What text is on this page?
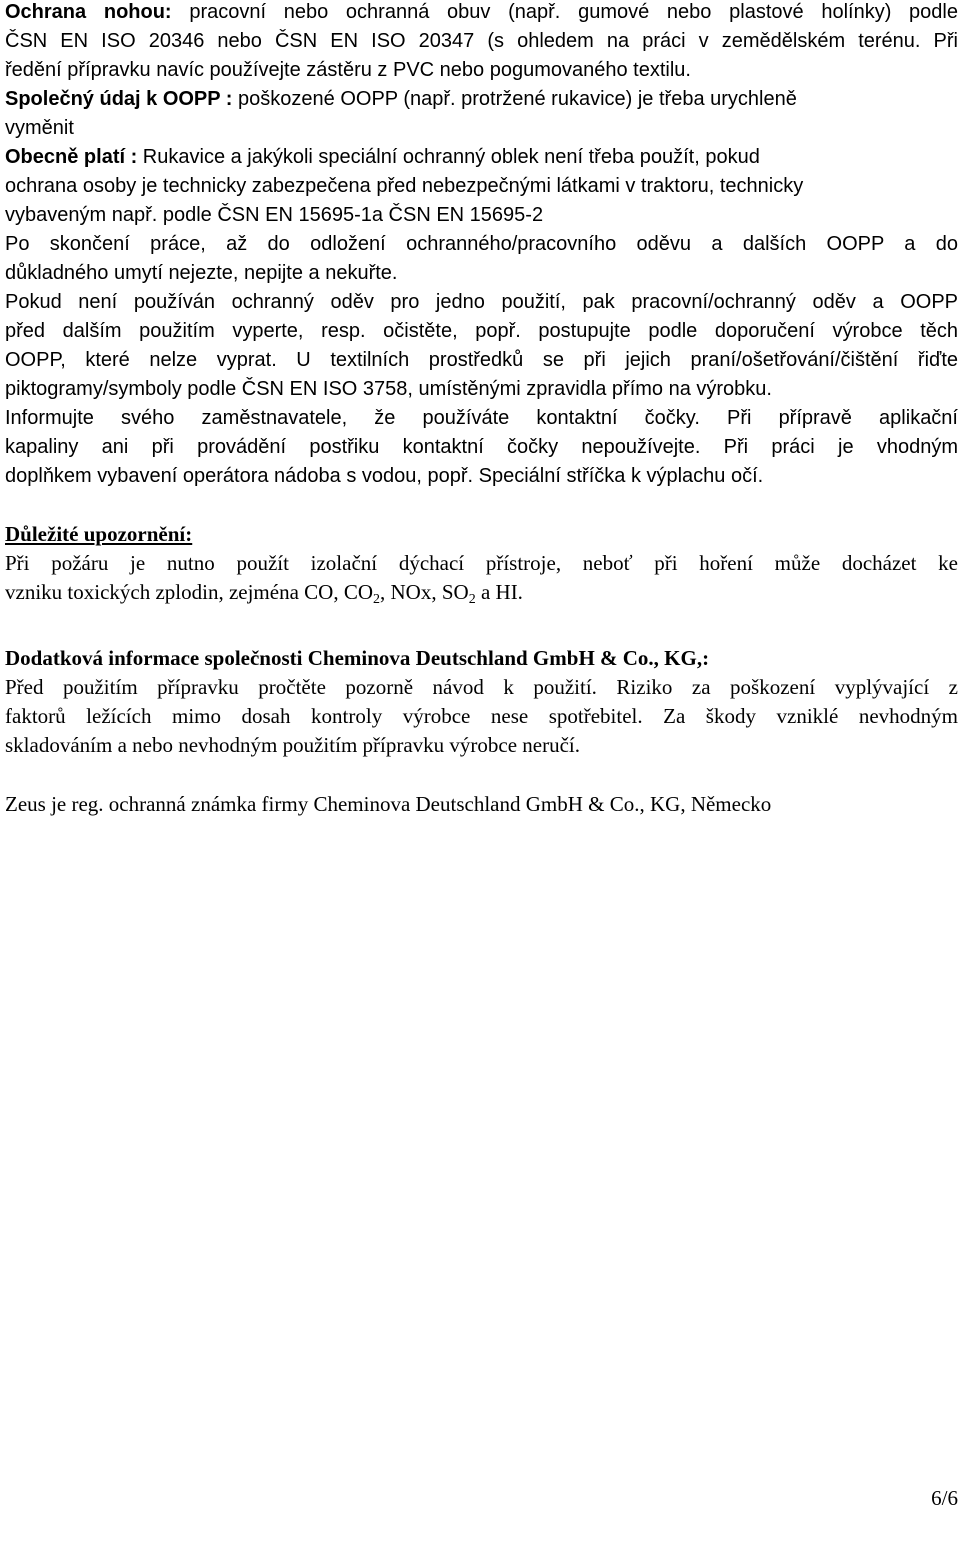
Ochrana nohou: pracovní nebo ochranná obuv (např. gumové nebo plastové holínky) podle
ČSN EN ISO 20346 nebo ČSN EN ISO 20347 (s ohledem na práci v zemědělském terénu. Při
ředění přípravku navíc používejte zástěru z PVC nebo pogumovaného textilu.
Společný údaj k OOPP : poškozené OOPP (např. protržené rukavice) je třeba urychleně
vyměnit
Obecně platí : Rukavice a jakýkoli speciální ochranný oblek není třeba použít, pokud
ochrana osoby je technicky zabezpečena před nebezpečnými látkami v traktoru, technicky
vybaveným např. podle ČSN EN 15695-1a ČSN EN 15695-2
Po skončení práce, až do odložení ochranného/pracovního oděvu a dalších OOPP a do
důkladného umytí nejezte, nepijte a nekuřte.
Pokud není používán ochranný oděv pro jedno použití, pak pracovní/ochranný oděv a OOPP
před dalším použitím vyperte, resp. očistěte, popř. postupujte podle doporučení výrobce těch
OOPP, které nelze vyprat. U textilních prostředků se při jejich praní/ošetřování/čištění řiďte
piktogramy/symboly podle ČSN EN ISO 3758, umístěnými zpravidla přímo na výrobku.
Informujte svého zaměstnavatele, že používáte kontaktní čočky. Při přípravě aplikační
kapaliny ani při provádění postřiku kontaktní čočky nepoužívejte. Při práci je vhodným
doplňkem vybavení operátora nádoba s vodou, popř. Speciální stříčka k výplachu očí.
Důležité upozornění:
Při požáru je nutno použít izolační dýchací přístroje, neboť při hoření může docházet ke
vzniku toxických zplodin, zejména CO, $CO_2$, NOx, $SO_2$ a HI.
Dodatková informace společnosti Cheminova Deutschland GmbH & Co., KG,:
Před použitím přípravku pročtěte pozorně návod k použití. Riziko za poškození vyplývající z
faktorů ležících mimo dosah kontroly výrobce nese spotřebitel. Za škody vzniklé nevhodným
skladováním a nebo nevhodným použitím přípravku výrobce neručí.
Zeus je reg. ochranná známka firmy Cheminova Deutschland GmbH & Co., KG, Německo
6/6
